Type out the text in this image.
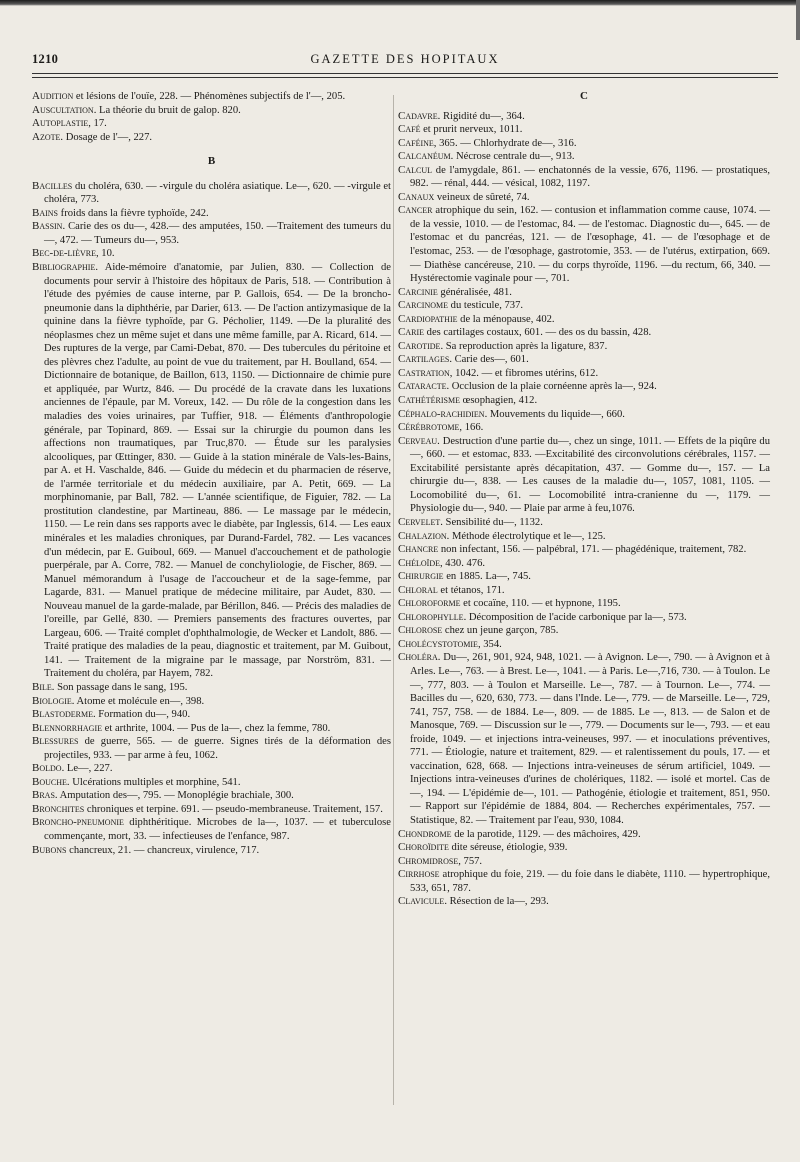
GAZETTE DES HOPITAUX
1210

Audition et lésions de l'ouïe, 228. — Phénomènes subjectifs de l'—, 205.

Auscultation. La théorie du bruit de galop. 820.

Autoplastie, 17.

Azote. Dosage de l'—, 227.

B

Bacilles du choléra, 630. — -virgule du choléra asiatique. Le—, 620. — -virgule et choléra, 773.

Bains froids dans la fièvre typhoïde, 242.

Bassin. Carie des os du—, 428.— des amputées, 150. —Traitement des tumeurs du—, 472. — Tumeurs du—, 953.

Bec-de-lièvre, 10.

Bibliographie. Aide-mémoire d'anatomie, par Julien, 830. — Collection de documents pour servir à l'histoire des hôpitaux de Paris, 518. — Contribution à l'étude des pyémies de cause interne, par P. Gallois, 654. — De la broncho-pneumonie dans la diphthérie, par Darier, 613. — De l'action antizymasique de la quinine dans la fièvre typhoïde, par G. Pécholier, 1149. —De la pluralité des néoplasmes chez un même sujet et dans une même famille, par A. Ricard, 614. — Des ruptures de la verge, par Cami-Debat, 870. — Des tubercules du péritoine et des plèvres chez l'adulte, au point de vue du traitement, par H. Boulland, 654. — Dictionnaire de botanique, de Baillon, 613, 1150. — Dictionnaire de chimie pure et appliquée, par Wurtz, 846. — Du procédé de la cravate dans les luxations anciennes de l'épaule, par M. Voreux, 142. — Du rôle de la congestion dans les maladies des voies urinaires, par Tuffier, 918. — Éléments d'anthropologie générale, par Topinard, 869. — Essai sur la chirurgie du poumon dans les affections non traumatiques, par Truc,870. — Étude sur les paralysies alcooliques, par Œttinger, 830. — Guide à la station minérale de Vals-les-Bains, par A. et H. Vaschalde, 846. — Guide du médecin et du pharmacien de réserve, de l'armée territoriale et du médecin auxiliaire, par A. Petit, 669. — La morphinomanie, par Ball, 782. — L'année scientifique, de Figuier, 782. — La prostitution clandestine, par Martineau, 886. — Le massage par le médecin, 1150. — Le rein dans ses rapports avec le diabète, par Inglessis, 614. — Les eaux minérales et les maladies chroniques, par Durand-Fardel, 782. — Les vacances d'un médecin, par E. Guiboul, 669. — Manuel d'accouchement et de pathologie puerpérale, par A. Corre, 782. — Manuel de conchyliologie, de Fischer, 869. — Manuel mémorandum à l'usage de l'accoucheur et de la sage-femme, par Lagarde, 831. — Manuel pratique de médecine militaire, par Audet, 830. — Nouveau manuel de la garde-malade, par Bérillon, 846. — Précis des maladies de l'oreille, par Gellé, 830. — Premiers pansements des fractures ouvertes, par Largeau, 606. — Traité complet d'ophthalmologie, de Wecker et Landolt, 886. — Traité pratique des maladies de la peau, diagnostic et traitement, par M. Guibout, 141. — Traitement de la migraine par le massage, par Norström, 831. — Traitement du choléra, par Hayem, 782.

Bile. Son passage dans le sang, 195.

Biologie. Atome et molécule en—, 398.

Blastoderme. Formation du—, 940.

Blennorrhagie et arthrite, 1004. — Pus de la—, chez la femme, 780.

Blessures de guerre, 565. — de guerre. Signes tirés de la déformation des projectiles, 933. — par arme à feu, 1062.

Boldo. Le—, 227.

Bouche. Ulcérations multiples et morphine, 541.

Bras. Amputation des—, 795. — Monoplégie brachiale, 300.

Bronchites chroniques et terpine. 691. — pseudo-membraneuse. Traitement, 157.

Broncho-pneumonie diphthéritique. Microbes de la—, 1037. — et tuberculose commençante, mort, 33. — infectieuses de l'enfance, 987.

Bubons chancreux, 21. — chancreux, virulence, 717.

C

Cadavre. Rigidité du—, 364.

Café et prurit nerveux, 1011.

Caféine, 365. — Chlorhydrate de—, 316.

Calcanéum. Nécrose centrale du—, 913.

Calcul de l'amygdale, 861. — enchatonnés de la vessie, 676, 1196. — prostatiques, 982. — rénal, 444. — vésical, 1082, 1197.

Canaux veineux de sûreté, 74.

Cancer atrophique du sein, 162. — contusion et inflammation comme cause, 1074. — de la vessie, 1010. — de l'estomac, 84. — de l'estomac. Diagnostic du—, 645. — de l'estomac et du pancréas, 121. — de l'œsophage, 41. — de l'œsophage et de l'estomac, 253. — de l'œsophage, gastrotomie, 353. — de l'utérus, extirpation, 669. — Diathèse cancéreuse, 210. — du corps thyroïde, 1196. —du rectum, 66, 340. — Hystérectomie vaginale pour —, 701.

Carcinie généralisée, 481.

Carcinome du testicule, 737.

Cardiopathie de la ménopause, 402.

Carie des cartilages costaux, 601. — des os du bassin, 428.

Carotide. Sa reproduction après la ligature, 837.

Cartilages. Carie des—, 601.

Castration, 1042. — et fibromes utérins, 612.

Cataracte. Occlusion de la plaie cornéenne après la—, 924.

Cathétérisme œsophagien, 412.

Céphalo-rachidien. Mouvements du liquide—, 660.

Cérébrotome, 166.

Cerveau. Destruction d'une partie du—, chez un singe, 1011. — Effets de la piqûre du—, 660. — et estomac, 833. —Excitabilité des circonvolutions cérébrales, 1157. — Excitabilité persistante après décapitation, 437. — Gomme du—, 157. — La chirurgie du—, 838. — Les causes de la maladie du—, 1057, 1081, 1105. — Locomobilité du—, 61. — Locomobilité intra-cranienne du —, 1179. — Physiologie du—, 940. — Plaie par arme à feu,1076.

Cervelet. Sensibilité du—, 1132.

Chalazion. Méthode électrolytique et le—, 125.

Chancre non infectant, 156. — palpébral, 171. — phagédénique, traitement, 782.

Chéloïde, 430. 476.

Chirurgie en 1885. La—, 745.

Chloral et tétanos, 171.

Chloroforme et cocaïne, 110. — et hypnone, 1195.

Chlorophylle. Décomposition de l'acide carbonique par la—, 573.

Chlorose chez un jeune garçon, 785.

Cholécystotomie, 354.

Choléra. Du—, 261, 901, 924, 948, 1021. — à Avignon. Le—, 790. — à Avignon et à Arles. Le—, 763. — à Brest. Le—, 1041. — à Paris. Le—,716, 730. — à Toulon. Le—, 777, 803. — à Toulon et Marseille. Le—, 787. — à Tournon. Le—, 774. — Bacilles du —, 620, 630, 773. — dans l'Inde. Le—, 779. — de Marseille. Le—, 729, 741, 757, 758. — de 1884. Le—, 809. — de 1885. Le —, 813. — de Salon et de Manosque, 769. — Discussion sur le —, 779. — Documents sur le—, 793. — et eau froide, 1049. — et injections intra-veineuses, 997. — et inoculations préventives, 771. — Étiologie, nature et traitement, 829. — et ralentissement du pouls, 17. — et vaccination, 628, 668. — Injections intra-veineuses de sérum artificiel, 1049. — Injections intra-veineuses d'urines de cholériques, 1182. — isolé et mortel. Cas de—, 194. — L'épidémie de—, 101. — Pathogénie, étiologie et traitement, 851, 950. — Rapport sur l'épidémie de 1884, 804. — Recherches expérimentales, 757. — Statistique, 82. — Traitement par l'eau, 930, 1084.

Chondrome de la parotide, 1129. — des mâchoires, 429.

Choroïdite dite séreuse, étiologie, 939.

Chromidrose, 757.

Cirrhose atrophique du foie, 219. — du foie dans le diabète, 1110. — hypertrophique, 533, 651, 787.

Clavicule. Résection de la—, 293.
